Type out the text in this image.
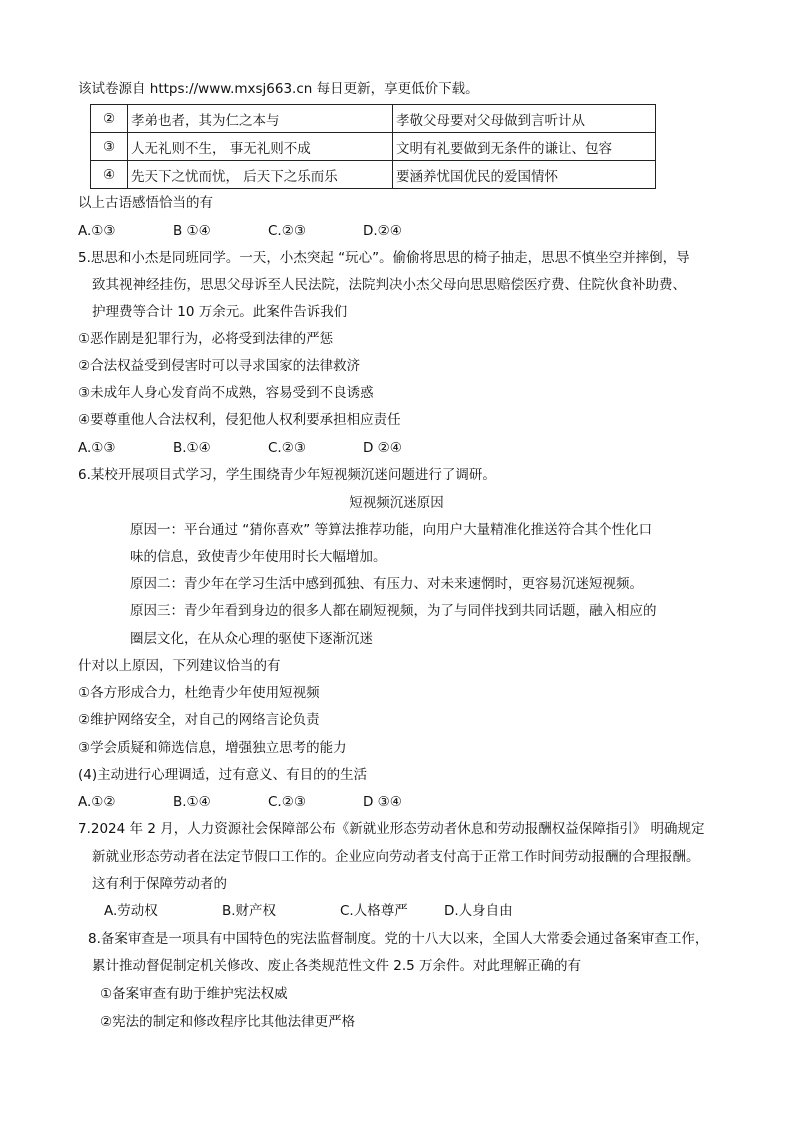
该试卷源自 https://www.mxsj663.cn 每日更新，享更低价下载。
②	孝弟也者，其为仁之本与	孝敬父母要对父母做到言听计从
③	人无礼则不生， 事无礼则不成	文明有礼要做到无条件的谦让、包容
④	先天下之忧而忧， 后天下之乐而乐	要涵养忧国优民的爱国情怀
以上古语感悟恰当的有
A.①③	B ①④	C.②③	D.②④
5.思思和小杰是同班同学。一天，小杰突起 “玩心”。偷偷将思思的椅子抽走，思思不慎坐空并摔倒，导
致其视神经挂伤，思思父母诉至人民法院，法院判决小杰父母向思思赔偿医疗费、住院伙食补助费、
护理费等合计 10 万余元。此案件告诉我们
①恶作剧是犯罪行为，必将受到法律的严惩
②合法权益受到侵害时可以寻求国家的法律救济
③未成年人身心发育尚不成熟，容易受到不良诱惑
④要尊重他人合法权利，侵犯他人权利要承担相应责任
A.①③	B.①④	C.②③	D ②④
6.某校开展项目式学习，学生围绕青少年短视频沉迷问题进行了调研。
短视频沉迷原因
原因一：平台通过 “猜你喜欢” 等算法推荐功能，向用户大量精准化推送符合其个性化口
味的信息，致使青少年使用时长大幅增加。
原因二：青少年在学习生活中感到孤独、有压力、对未来速惘时，更容易沉迷短视频。
原因三：青少年看到身边的很多人都在刷短视频，为了与同伴找到共同话题，融入相应的
圈层文化，在从众心理的驱使下逐渐沉迷
什对以上原因，下列建议恰当的有
①各方形成合力，杜绝青少年使用短视频
②维护网络安全，对自己的网络言论负责
③学会质疑和筛选信息，增强独立思考的能力
(4)主动进行心理调适，过有意义、有目的的生活
A.①②	B.①④	C.②③	D ③④
7.2024 年 2 月，人力资源社会保障部公布《新就业形态劳动者休息和劳动报酬权益保障指引》 明确规定
新就业形态劳动者在法定节假口工作的。企业应向劳动者支付高于正常工作时间劳动报酬的合理报酬。
这有利于保障劳动者的
A.劳动权	B.财产权	C.人格尊严	D.人身自由
8.备案审查是一项具有中国特色的宪法监督制度。党的十八大以来，全国人大常委会通过备案审查工作，
累计推动督促制定机关修改、废止各类规范性文件 2.5 万余件。对此理解正确的有
①备案审查有助于维护宪法权威
②宪法的制定和修改程序比其他法律更严格
